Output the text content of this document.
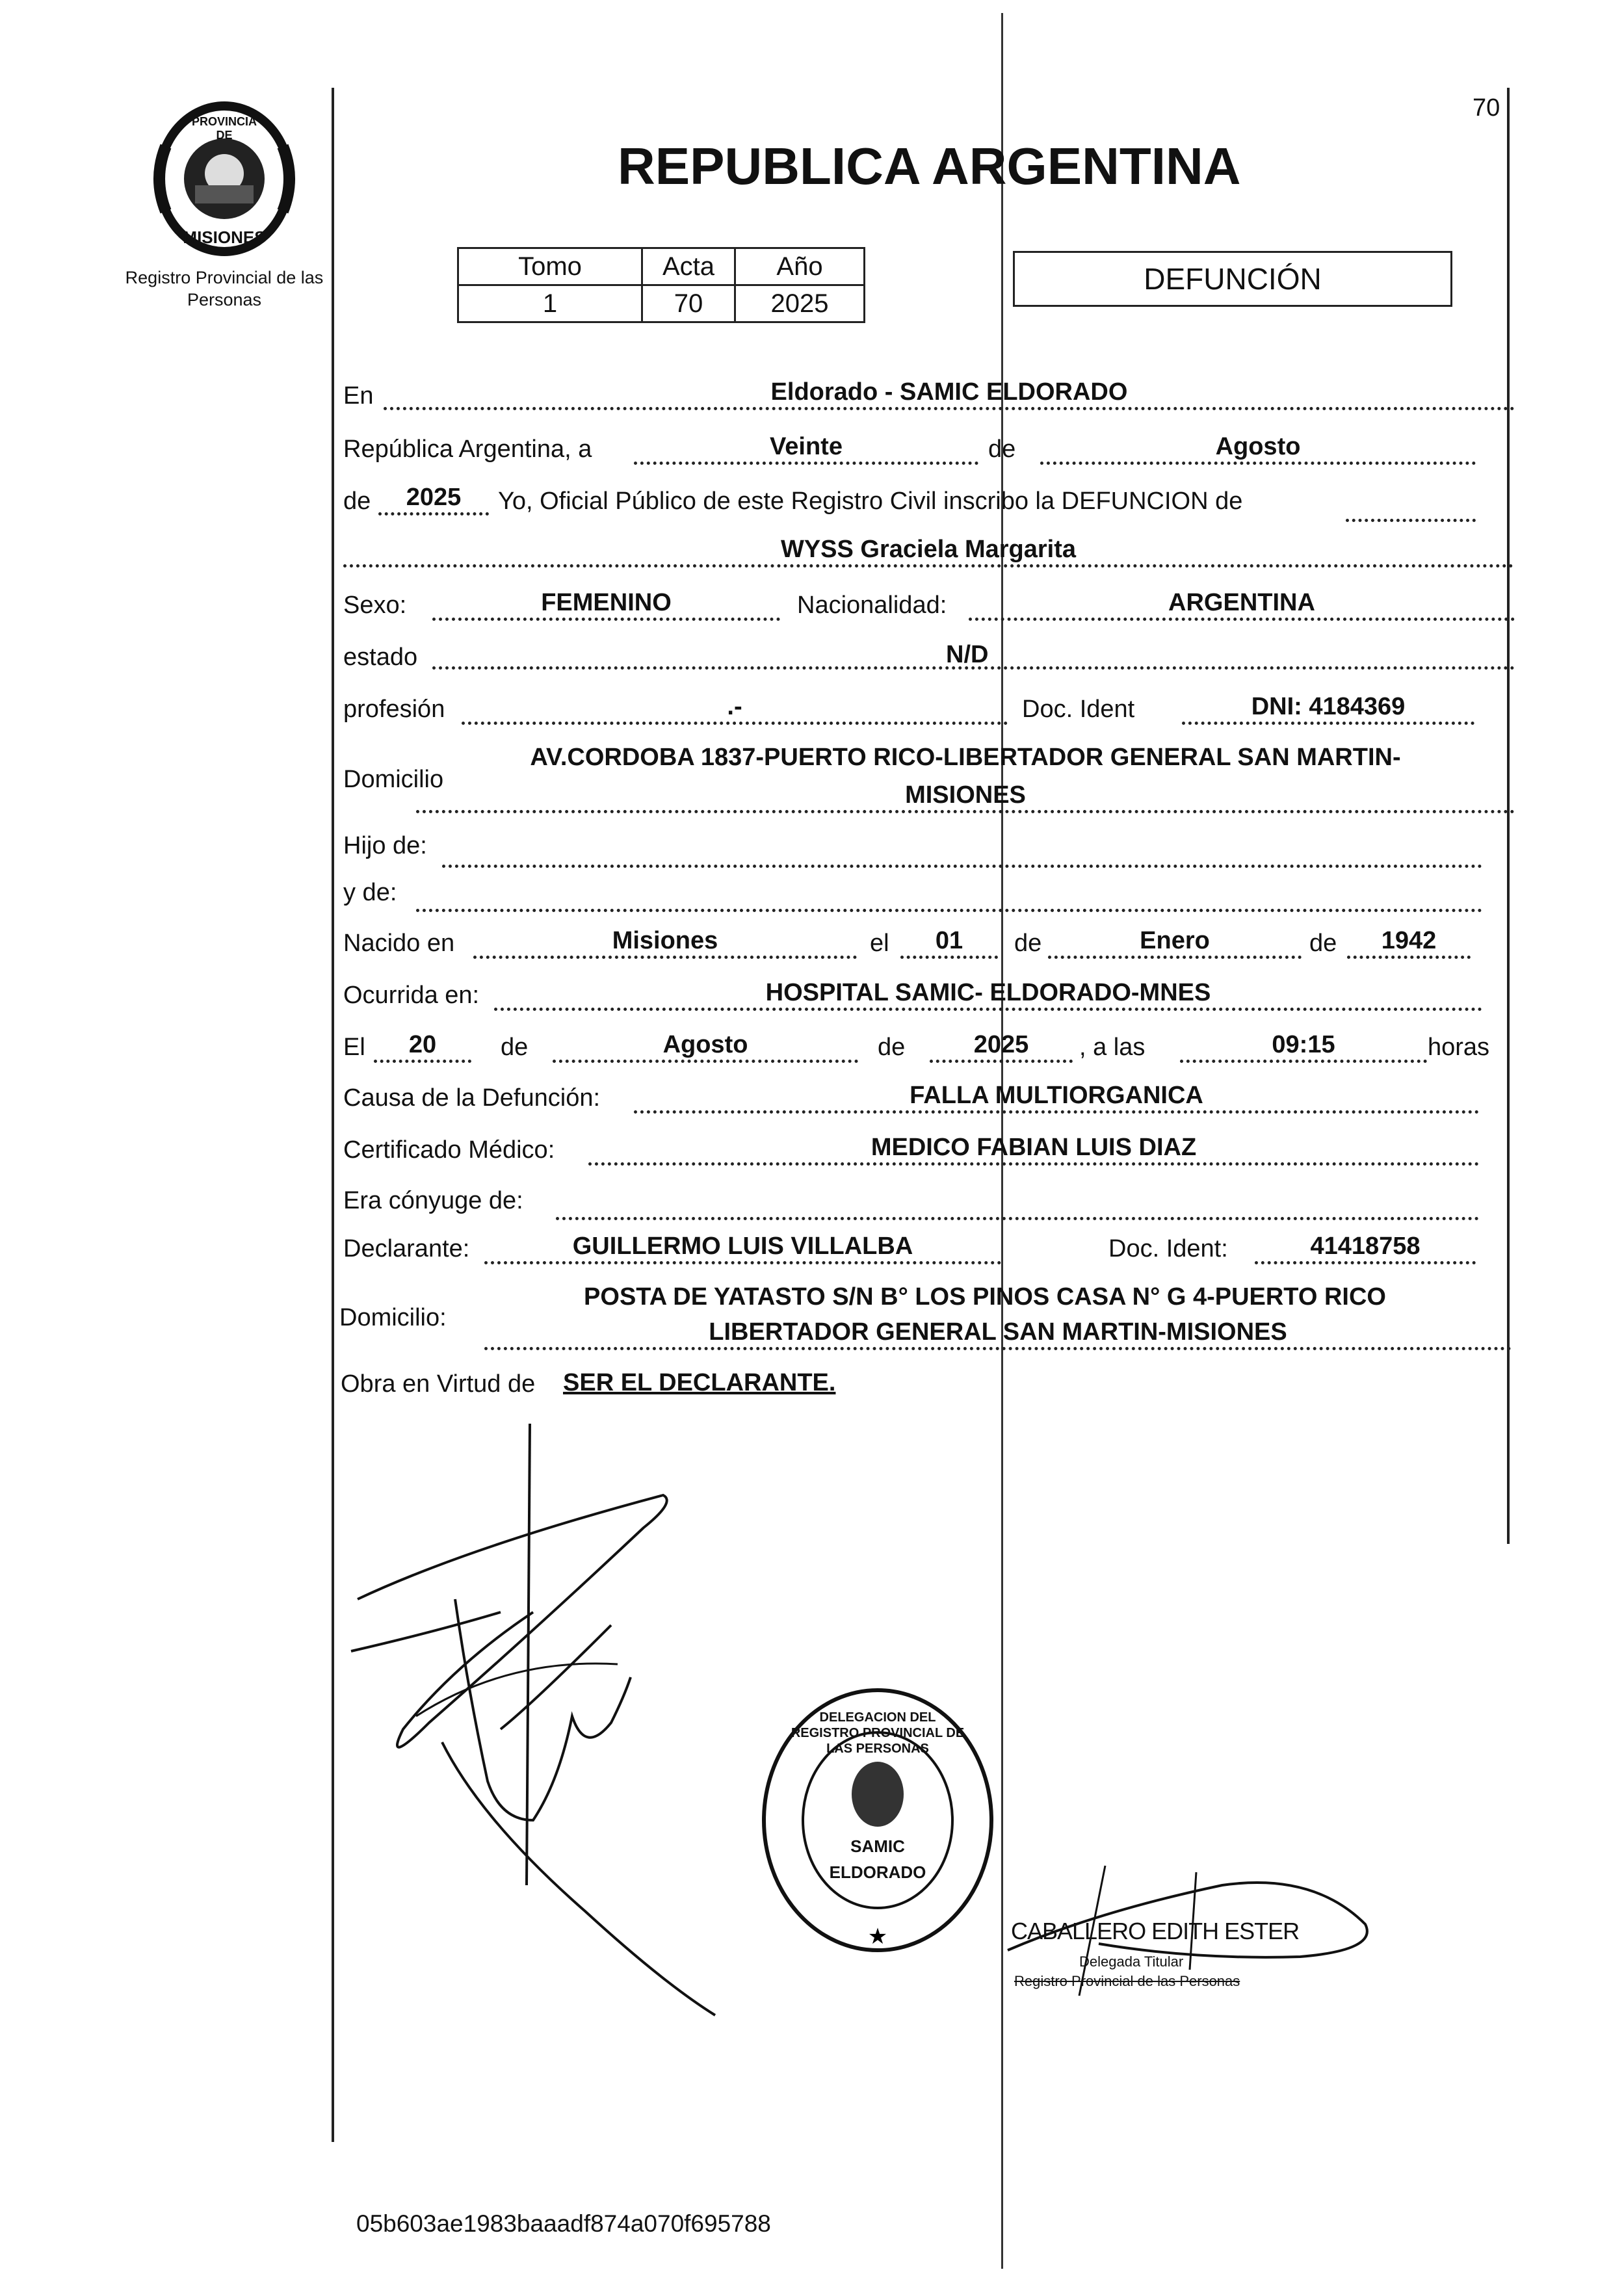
PROVINCIA DE
MISIONES
Registro Provincial de las Personas
70
REPUBLICA ARGENTINA
Tomo	Acta	Año
1	70	2025
DEFUNCIÓN
En	Eldorado - SAMIC ELDORADO
República Argentina, a	Veinte	de	Agosto
de	2025	Yo, Oficial Público de este Registro Civil inscribo la DEFUNCION de
WYSS Graciela Margarita
Sexo:	FEMENINO	Nacionalidad:	ARGENTINA
estado	N/D
profesión	.-	Doc. Ident	DNI: 4184369
Domicilio
AV.CORDOBA 1837-PUERTO RICO-LIBERTADOR GENERAL SAN MARTIN-
MISIONES
Hijo de:
y de:
Nacido en	Misiones	el	01	de	Enero	de	1942
Ocurrida en:	HOSPITAL SAMIC- ELDORADO-MNES
El	20	de	Agosto	de	2025	, a las	09:15	horas
Causa de la Defunción:	FALLA MULTIORGANICA
Certificado Médico:	MEDICO FABIAN LUIS DIAZ
Era cónyuge de:
Declarante:	GUILLERMO LUIS VILLALBA	Doc. Ident:	41418758
Domicilio:
POSTA DE YATASTO S/N B° LOS PINOS CASA N° G 4-PUERTO RICO
LIBERTADOR GENERAL SAN MARTIN-MISIONES
Obra en Virtud de SER EL DECLARANTE.
★
DELEGACION DEL REGISTRO PROVINCIAL DE LAS PERSONAS
SAMIC
ELDORADO
CABALLERO EDITH ESTER
Delegada Titular
Registro Provincial de las Personas
05b603ae1983baaadf874a070f695788
